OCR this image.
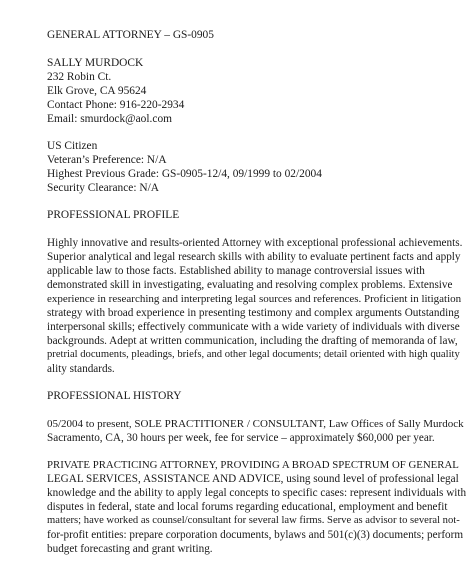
GENERAL ATTORNEY – GS-0905
SALLY MURDOCK
232 Robin Ct.
Elk Grove, CA 95624
Contact Phone: 916-220-2934
Email: smurdock@aol.com
US Citizen
Veteran’s Preference: N/A
Highest Previous Grade: GS-0905-12/4, 09/1999 to 02/2004
Security Clearance: N/A
PROFESSIONAL PROFILE
Highly innovative and results-oriented Attorney with exceptional professional achievements.
Superior analytical and legal research skills with ability to evaluate pertinent facts and apply
applicable law to those facts. Established ability to manage controversial issues with
demonstrated skill in investigating, evaluating and resolving complex problems. Extensive
experience in researching and interpreting legal sources and references. Proficient in litigation
strategy with broad experience in presenting testimony and complex arguments Outstanding
interpersonal skills; effectively communicate with a wide variety of individuals with diverse
backgrounds. Adept at written communication, including the drafting of memoranda of law,
pretrial documents, pleadings, briefs, and other legal documents; detail oriented with high quality
ality standards.
PROFESSIONAL HISTORY
05/2004 to present, SOLE PRACTITIONER / CONSULTANT, Law Offices of Sally Murdock
Sacramento, CA, 30 hours per week, fee for service – approximately $60,000 per year.
PRIVATE PRACTICING ATTORNEY, PROVIDING A BROAD SPECTRUM OF GENERAL
LEGAL SERVICES, ASSISTANCE AND ADVICE, using sound level of professional legal
knowledge and the ability to apply legal concepts to specific cases: represent individuals with
disputes in federal, state and local forums regarding educational, employment and benefit
matters; have worked as counsel/consultant for several law firms. Serve as advisor to several not-
for-profit entities: prepare corporation documents, bylaws and 501(c)(3) documents; perform
budget forecasting and grant writing.
